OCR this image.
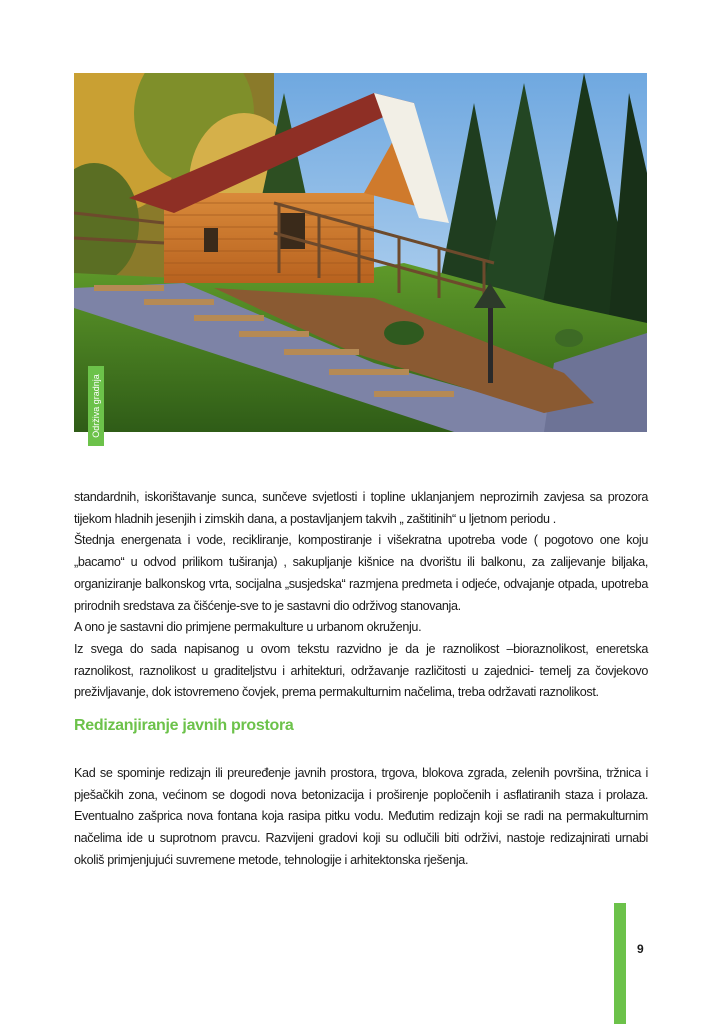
Održiva gradnja

standardnih, iskorištavanje sunca, sunčeve svjetlosti i topline uklanjanjem neprozirnih zavjesa sa prozora tijekom hladnih jesenjih i zimskih dana, a postavljanjem takvih „ zaštitinih“ u ljetnom periodu .

Štednja energenata i vode, recikliranje, kompostiranje i višekratna upotreba vode ( pogotovo one koju „bacamo“ u odvod prilikom tuširanja) , sakupljanje kišnice na dvorištu ili balkonu, za zalijevanje biljaka, organiziranje balkonskog vrta, socijalna „susjedska“ razmjena predmeta i odjeće, odvajanje otpada, upotreba prirodnih sredstava za čišćenje-sve to je sastavni dio održivog stanovanja.

A ono je sastavni dio primjene permakulture u urbanom okruženju.

Iz svega do sada napisanog u ovom tekstu razvidno je da je raznolikost –bioraznolikost, eneretska raznolikost, raznolikost u graditeljstvu i arhitekturi, održavanje različitosti u zajednici- temelj za čovjekovo preživljavanje, dok istovremeno čovjek, prema permakulturnim načelima, treba održavati raznolikost.

Redizanjiranje javnih prostora

Kad se spominje redizajn ili preuređenje javnih prostora, trgova, blokova zgrada, zelenih površina, tržnica i pješačkih zona, većinom se dogodi nova betonizacija i proširenje popločenih i asflatiranih staza i prolaza. Eventualno zašprica nova fontana koja rasipa pitku vodu. Međutim redizajn koji se radi na permakulturnim načelima ide u suprotnom pravcu. Razvijeni gradovi koji su odlučili biti održivi, nastoje redizajnirati urnabi okoliš primjenjujući suvremene metode, tehnologije i arhitektonska rješenja.

9
